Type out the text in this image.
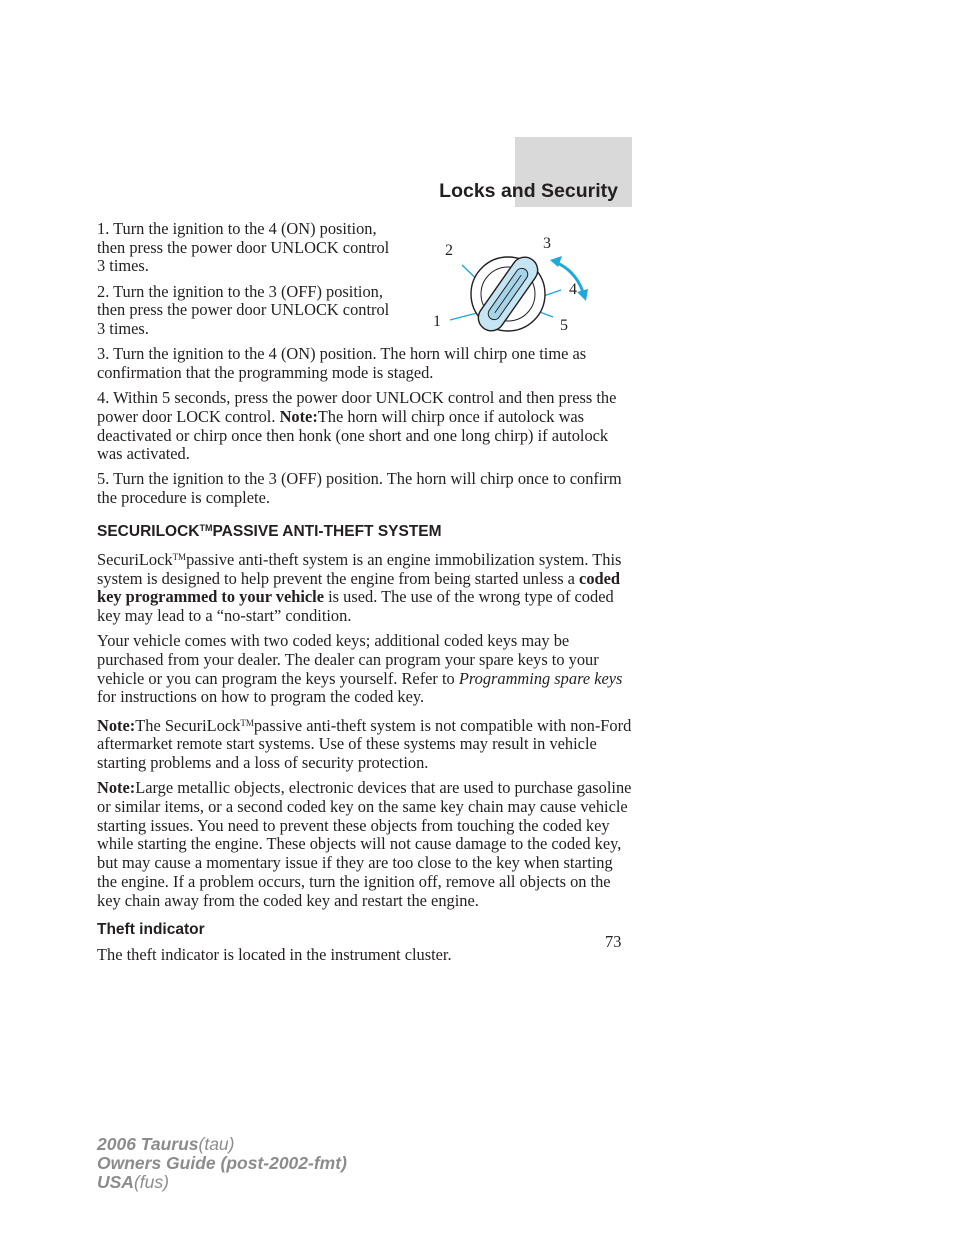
Locks and Security
2	3
4
1	5

1. Turn the ignition to the 4 (ON) position, then press the power door UNLOCK control 3 times.

2. Turn the ignition to the 3 (OFF) position, then press the power door UNLOCK control 3 times.

3. Turn the ignition to the 4 (ON) position. The horn will chirp one time as confirmation that the programming mode is staged.

4. Within 5 seconds, press the power door UNLOCK control and then press the power door LOCK control. Note:The horn will chirp once if autolock was deactivated or chirp once then honk (one short and one long chirp) if autolock was activated.

5. Turn the ignition to the 3 (OFF) position. The horn will chirp once to confirm the procedure is complete.

SECURILOCK™PASSIVE ANTI-THEFT SYSTEM

SecuriLock™passive anti-theft system is an engine immobilization system. This system is designed to help prevent the engine from being started unless a coded key programmed to your vehicle is used. The use of the wrong type of coded key may lead to a “no-start” condition.

Your vehicle comes with two coded keys; additional coded keys may be purchased from your dealer. The dealer can program your spare keys to your vehicle or you can program the keys yourself. Refer to Programming spare keys for instructions on how to program the coded key.

Note:The SecuriLock™passive anti-theft system is not compatible with non-Ford aftermarket remote start systems. Use of these systems may result in vehicle starting problems and a loss of security protection.

Note:Large metallic objects, electronic devices that are used to purchase gasoline or similar items, or a second coded key on the same key chain may cause vehicle starting issues. You need to prevent these objects from touching the coded key while starting the engine. These objects will not cause damage to the coded key, but may cause a momentary issue if they are too close to the key when starting the engine. If a problem occurs, turn the ignition off, remove all objects on the key chain away from the coded key and restart the engine.

Theft indicator

The theft indicator is located in the instrument cluster.

73
2006 Taurus(tau)
Owners Guide (post-2002-fmt)
USA(fus)
